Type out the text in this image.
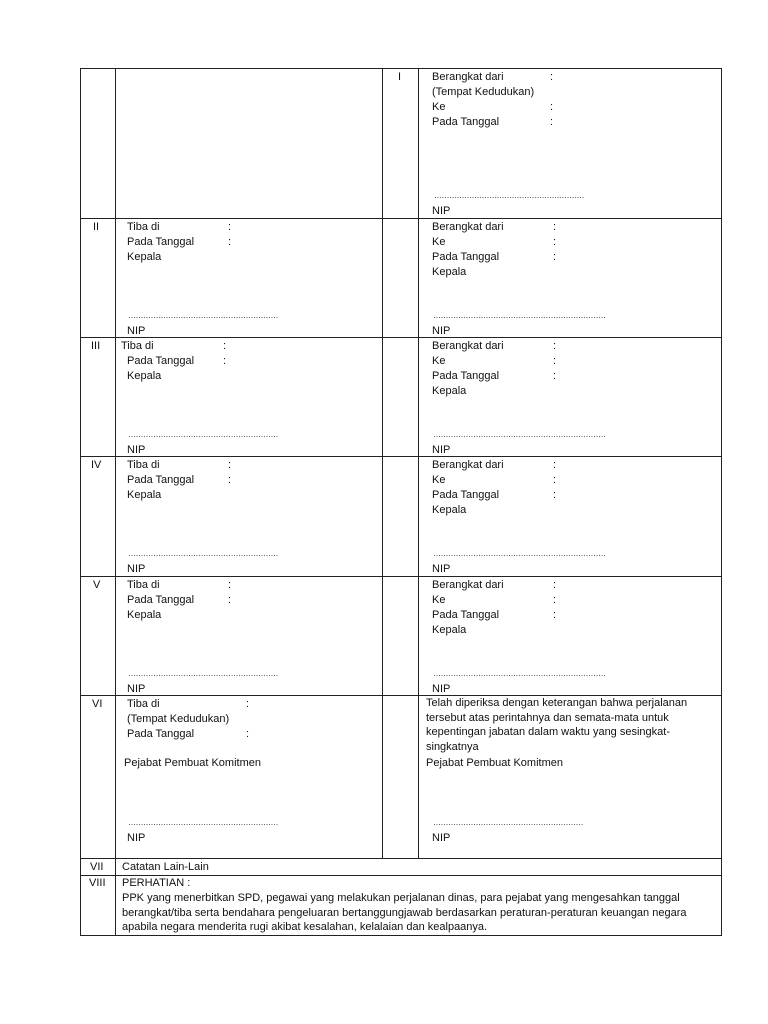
I	Berangkat dari	:
(Tempat Kedudukan)
Ke	:
Pada Tanggal	:
……………………………………………………
NIP
II	Tiba di	:
Pada Tanggal	:
Kepala
……………………………………………………
NIP
Berangkat dari	:
Ke	:
Pada Tanggal	:
Kepala
……………………………………………………………
NIP
III Tiba di	:
Pada Tanggal	:
Kepala
……………………………………………………
NIP
Berangkat dari	:
Ke	:
Pada Tanggal	:
Kepala
……………………………………………………………
NIP
IV Tiba di	:
Pada Tanggal	:
Kepala
……………………………………………………
NIP
Berangkat dari	:
Ke	:
Pada Tanggal	:
Kepala
……………………………………………………………
NIP
V Tiba di	:
Pada Tanggal	:
Kepala
……………………………………………………
NIP
Berangkat dari	:
Ke	:
Pada Tanggal	:
Kepala
……………………………………………………………
NIP
VI Tiba di	:
(Tempat Kedudukan)
Pada Tanggal	:
Pejabat Pembuat Komitmen
……………………………………………………
NIP
Telah diperiksa dengan keterangan bahwa perjalanan tersebut atas perintahnya dan semata-mata untuk kepentingan jabatan dalam waktu yang sesingkat-singkatnya
Pejabat Pembuat Komitmen
……………………………………………………
NIP
VII Catatan Lain-Lain
VIII PERHATIAN :
PPK yang menerbitkan SPD, pegawai yang melakukan perjalanan dinas, para pejabat yang mengesahkan tanggal berangkat/tiba serta bendahara pengeluaran bertanggungjawab berdasarkan peraturan-peraturan keuangan negara apabila negara menderita rugi akibat kesalahan, kelalaian dan kealpaanya.
